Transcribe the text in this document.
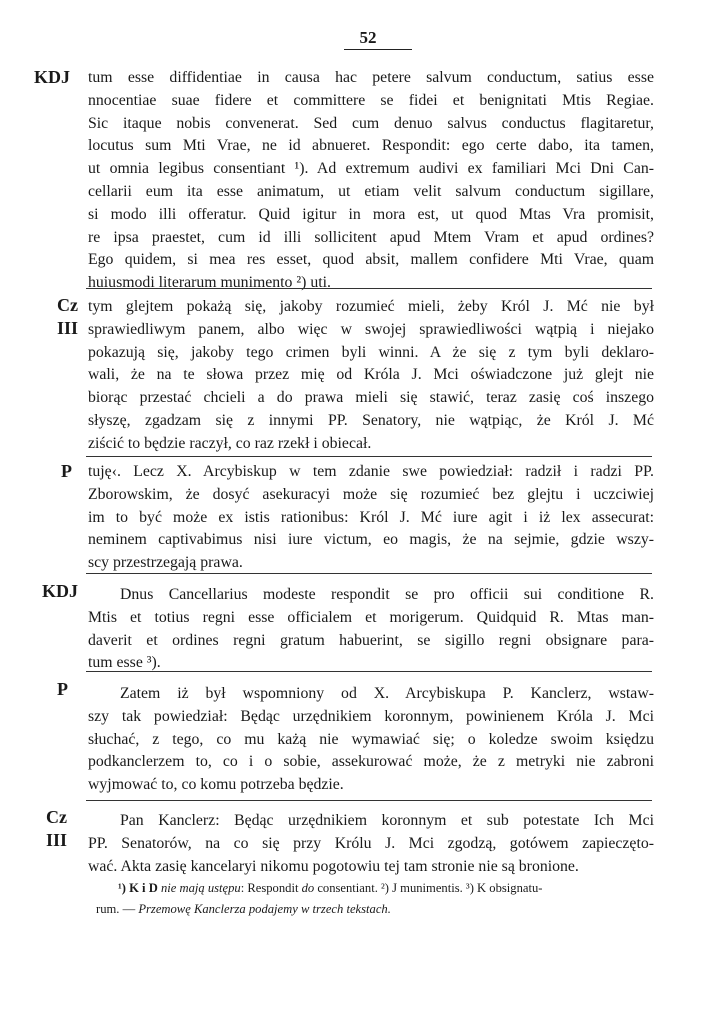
52
KDJ tum esse diffidentiae in causa hac petere salvum conductum, satius esse
nnocentiae suae fidere et committere se fidei et benignitati Mtis Regiae.
Sic itaque nobis convenerat. Sed cum denuo salvus conductus flagitaretur,
locutus sum Mti Vrae, ne id abnueret. Respondit: ego certe dabo, ita tamen,
ut omnia legibus consentiant ¹). Ad extremum audivi ex familiari Mci Dni Can-
cellarii eum ita esse animatum, ut etiam velit salvum conductum sigillare,
si modo illi offeratur. Quid igitur in mora est, ut quod Mtas Vra promisit,
re ipsa praestet, cum id illi sollicitent apud Mtem Vram et apud ordines?
Ego quidem, si mea res esset, quod absit, mallem confidere Mti Vrae, quam
huiusmodi literarum munimento ²) uti.
Cz
III
tym glejtem pokażą się, jakoby rozumieć mieli, żeby Król J. Mć nie był
sprawiedliwym panem, albo więc w swojej sprawiedliwości wątpią i niejako
pokazują się, jakoby tego crimen byli winni. A że się z tym byli deklaro-
wali, że na te słowa przez mię od Króla J. Mci oświadczone już glejt nie
biorąc przestać chcieli a do prawa mieli się stawić, teraz zasię coś inszego
słyszę, zgadzam się z innymi PP. Senatory, nie wątpiąc, że Król J. Mć
ziścić to będzie raczył, co raz rzekł i obiecał.
P tuję‹. Lecz X. Arcybiskup w tem zdanie swe powiedział: radził i radzi PP.
Zborowskim, że dosyć asekuracyi może się rozumieć bez glejtu i uczciwiej
im to być może ex istis rationibus: Król J. Mć iure agit i iż lex assecurat:
neminem captivabimus nisi iure victum, eo magis, że na sejmie, gdzie wszy-
scy przestrzegają prawa.
KDJ	Dnus Cancellarius modeste respondit se pro officii sui conditione R.
Mtis et totius regni esse officialem et morigerum. Quidquid R. Mtas man-
daverit et ordines regni gratum habuerint, se sigillo regni obsignare para-
tum esse ³).
P	Zatem iż był wspomniony od X. Arcybiskupa P. Kanclerz, wstaw-
szy tak powiedział: Będąc urzędnikiem koronnym, powinienem Króla J. Mci
słuchać, z tego, co mu każą nie wymawiać się; o koledze swoim księdzu
podkanclerzem to, co i o sobie, assekurować może, że z metryki nie zabroni
wyjmować to, co komu potrzeba będzie.
Cz
III
Pan Kanclerz: Będąc urzędnikiem koronnym et sub potestate Ich Mci
PP. Senatorów, na co się przy Królu J. Mci zgodzą, gotówem zapieczęto-
wać. Akta zasię kancelaryi nikomu pogotowiu tej tam stronie nie są bronione.
¹) K i D nie mają ustępu: Respondit do consentiant. ²) J munimentis. ³) K obsignatu-
rum. — Przemowę Kanclerza podajemy w trzech tekstach.
